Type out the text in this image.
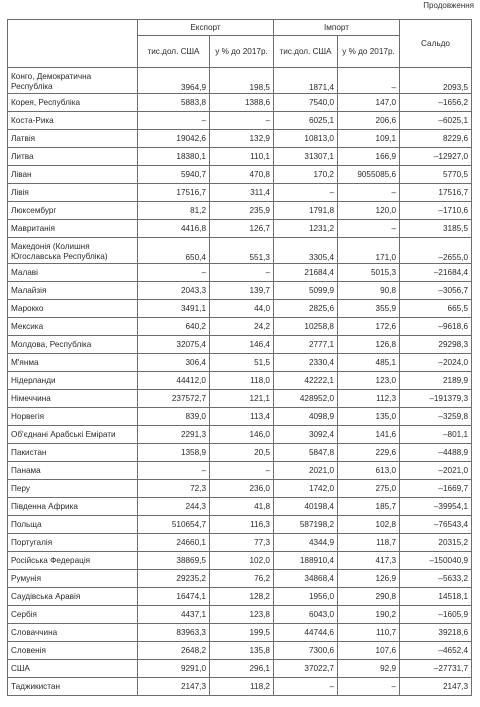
Продовження
	Експорт		Імпорт		Сальдо
	тис.дол. США	у % до 2017р.	тис.дол. США	у % до 2017р.	
Конго, Демократична Республіка	3964,9	198,5	1871,4	–	2093,5
Корея, Республіка	5883,8	1388,6	7540,0	147,0	–1656,2
Коста-Рика	–	–	6025,1	206,6	–6025,1
Латвія	19042,6	132,9	10813,0	109,1	8229,6
Литва	18380,1	110,1	31307,1	166,9	–12927,0
Ліван	5940,7	470,8	170,2	9055085,6	5770,5
Лівія	17516,7	311,4	–	–	17516,7
Люксембург	81,2	235,9	1791,8	120,0	–1710,6
Мавританія	4416,8	126,7	1231,2	–	3185,5
Македонія (Колишня Югославська Республіка)	650,4	551,3	3305,4	171,0	–2655,0
Малаві	–	–	21684,4	5015,3	–21684,4
Малайзія	2043,3	139,7	5099,9	90,8	–3056,7
Марокко	3491,1	44,0	2825,6	355,9	665,5
Мексика	640,2	24,2	10258,8	172,6	–9618,6
Молдова, Республіка	32075,4	146,4	2777,1	126,8	29298,3
М'янма	306,4	51,5	2330,4	485,1	–2024,0
Нідерланди	44412,0	118,0	42222,1	123,0	2189,9
Німеччина	237572,7	121,1	428952,0	112,3	–191379,3
Норвегія	839,0	113,4	4098,9	135,0	–3259,8
Об'єднані Арабські Емірати	2291,3	146,0	3092,4	141,6	–801,1
Пакистан	1358,9	20,5	5847,8	229,6	–4488,9
Панама	–	–	2021,0	613,0	–2021,0
Перу	72,3	236,0	1742,0	275,0	–1669,7
Південна Африка	244,3	41,8	40198,4	185,7	–39954,1
Польща	510654,7	116,3	587198,2	102,8	–76543,4
Португалія	24660,1	77,3	4344,9	118,7	20315,2
Російська Федерація	38869,5	102,0	188910,4	417,3	–150040,9
Румунія	29235,2	76,2	34868,4	126,9	–5633,2
Саудівська Аравія	16474,1	128,2	1956,0	290,8	14518,1
Сербія	4437,1	123,8	6043,0	190,2	–1605,9
Словаччина	83963,3	199,5	44744,6	110,7	39218,6
Словенія	2648,2	135,8	7300,6	107,6	–4652,4
США	9291,0	296,1	37022,7	92,9	–27731,7
Таджикистан	2147,3	118,2	–	–	2147,3
